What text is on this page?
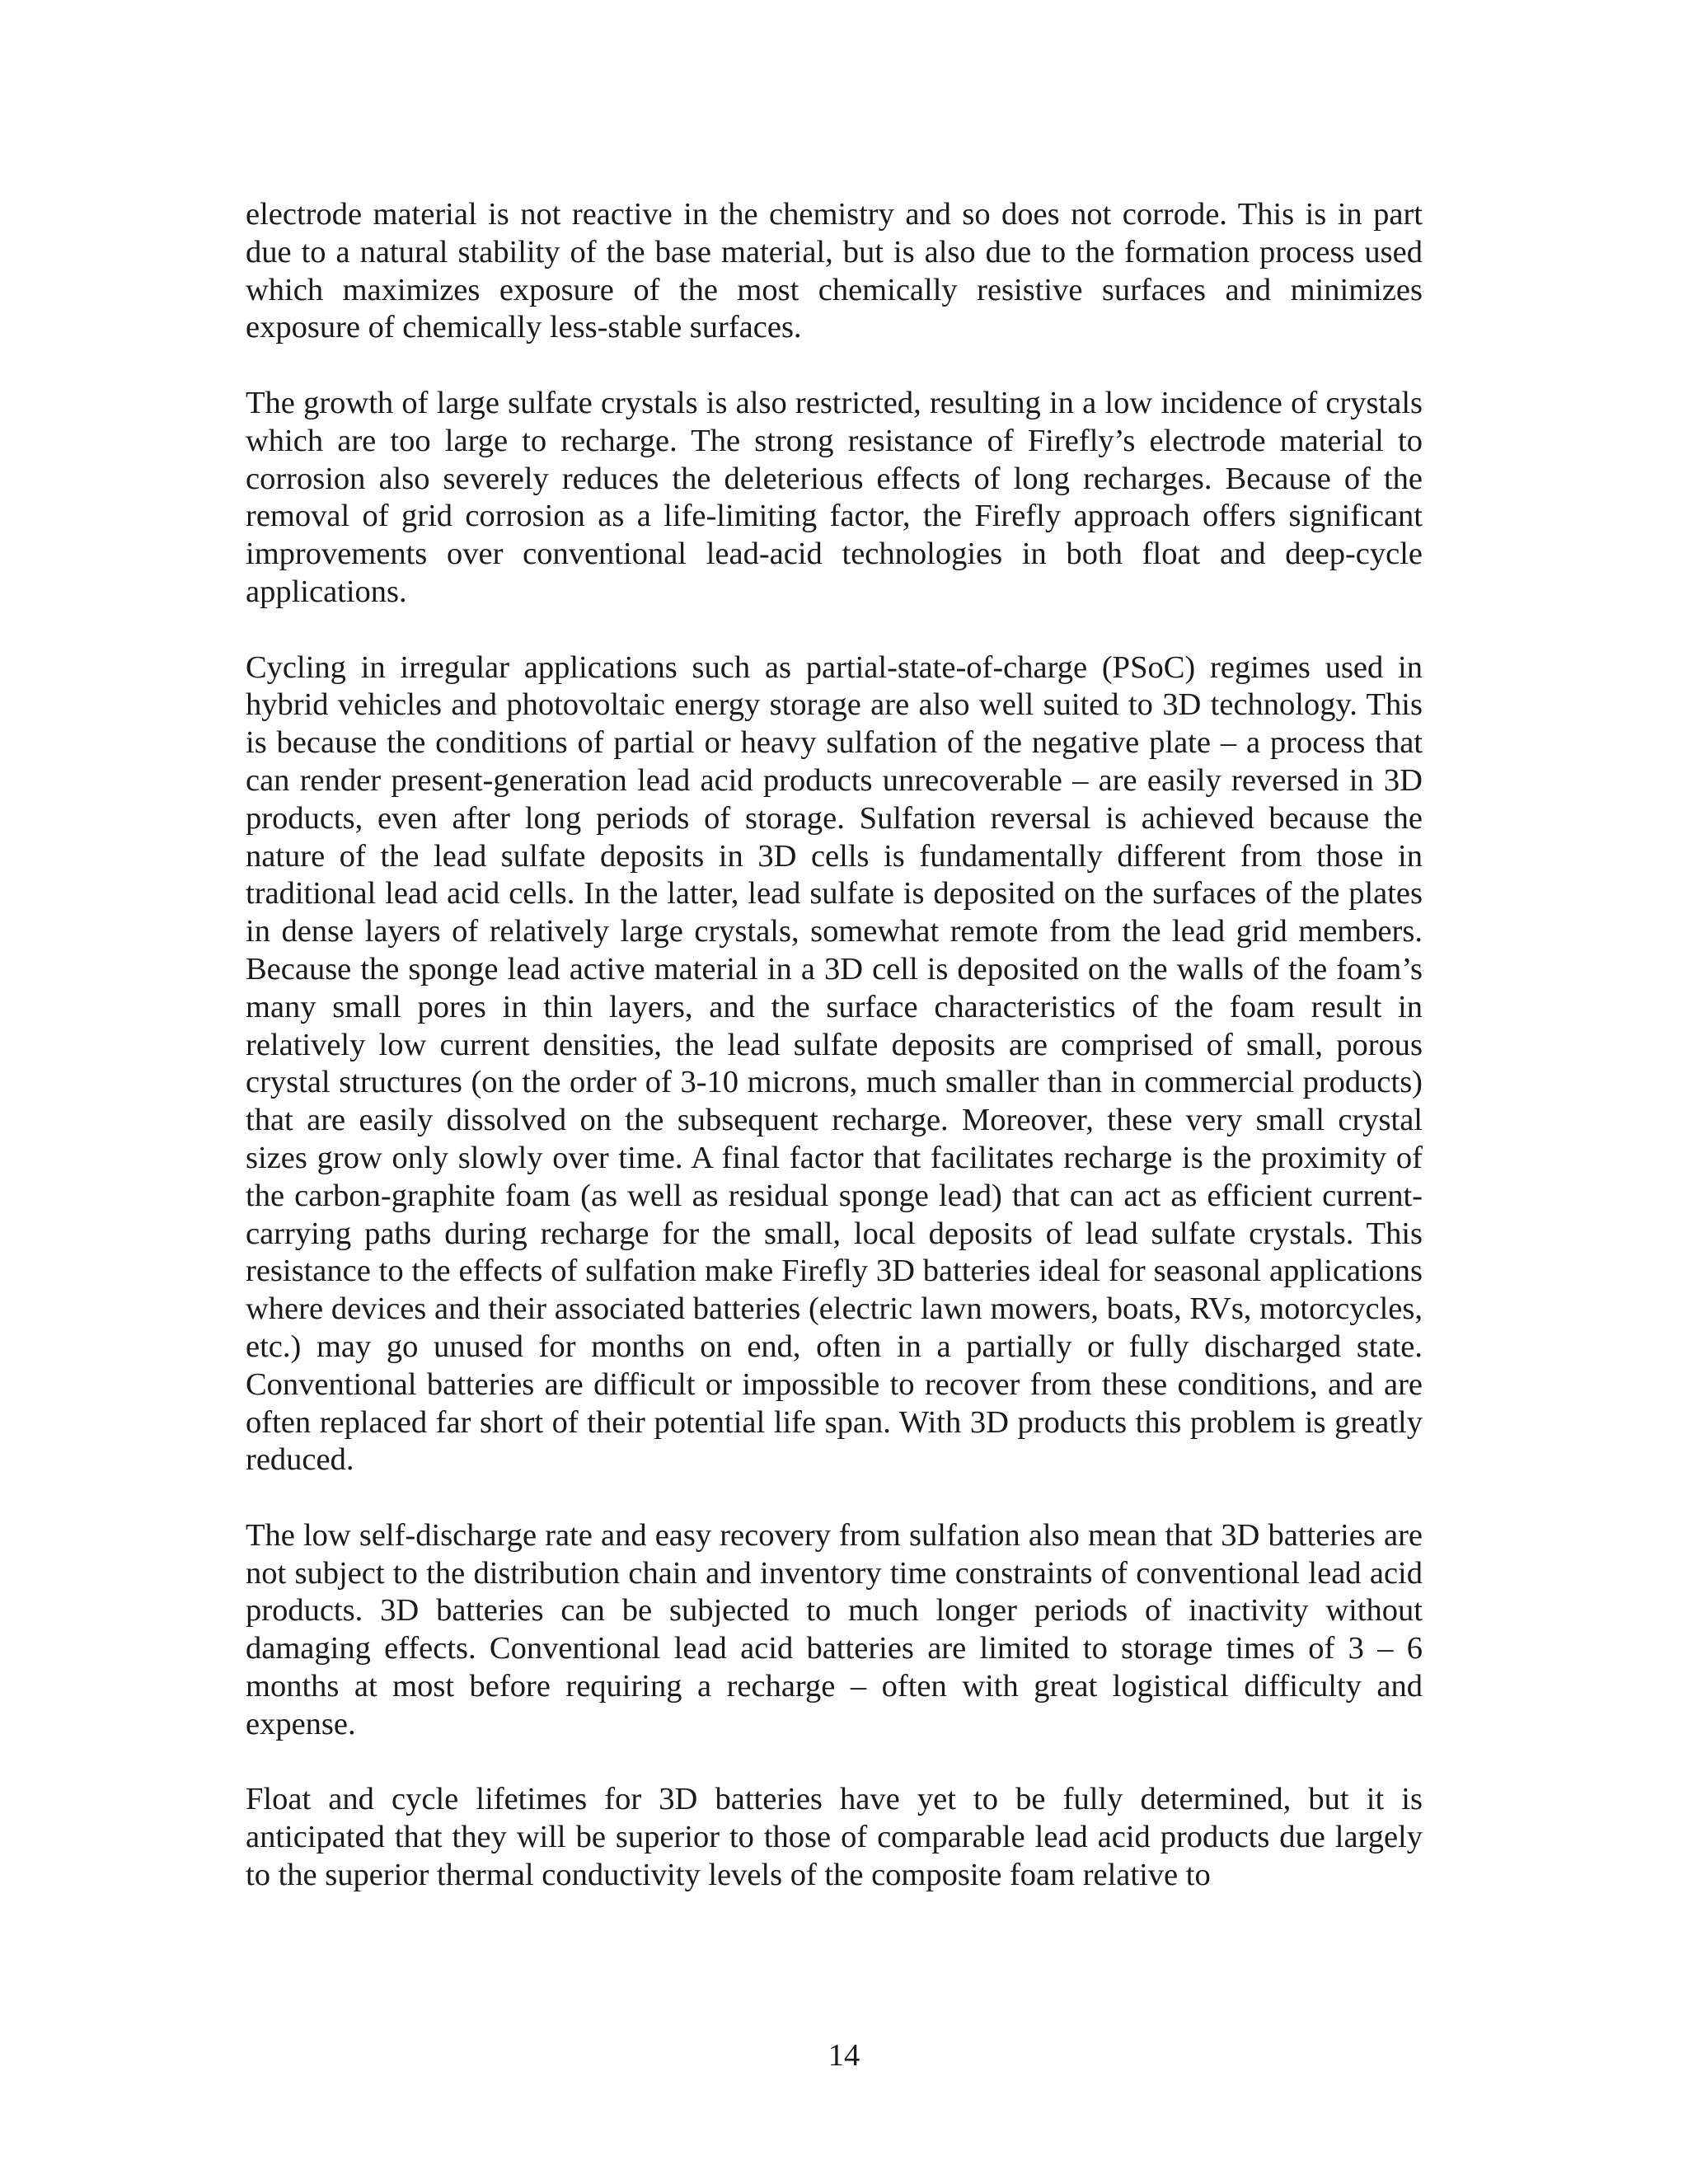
electrode material is not reactive in the chemistry and so does not corrode. This is in part due to a natural stability of the base material, but is also due to the formation process used which maximizes exposure of the most chemically resistive surfaces and minimizes exposure of chemically less-stable surfaces.

The growth of large sulfate crystals is also restricted, resulting in a low incidence of crystals which are too large to recharge. The strong resistance of Firefly’s electrode material to corrosion also severely reduces the deleterious effects of long recharges. Because of the removal of grid corrosion as a life-limiting factor, the Firefly approach offers significant improvements over conventional lead-acid technologies in both float and deep-cycle applications.

Cycling in irregular applications such as partial-state-of-charge (PSoC) regimes used in hybrid vehicles and photovoltaic energy storage are also well suited to 3D technology. This is because the conditions of partial or heavy sulfation of the negative plate – a process that can render present-generation lead acid products unrecoverable – are easily reversed in 3D products, even after long periods of storage. Sulfation reversal is achieved because the nature of the lead sulfate deposits in 3D cells is fundamentally different from those in traditional lead acid cells. In the latter, lead sulfate is deposited on the surfaces of the plates in dense layers of relatively large crystals, somewhat remote from the lead grid members. Because the sponge lead active material in a 3D cell is deposited on the walls of the foam’s many small pores in thin layers, and the surface characteristics of the foam result in relatively low current densities, the lead sulfate deposits are comprised of small, porous crystal structures (on the order of 3-10 microns, much smaller than in commercial products) that are easily dissolved on the subsequent recharge. Moreover, these very small crystal sizes grow only slowly over time. A final factor that facilitates recharge is the proximity of the carbon-graphite foam (as well as residual sponge lead) that can act as efficient current-carrying paths during recharge for the small, local deposits of lead sulfate crystals. This resistance to the effects of sulfation make Firefly 3D batteries ideal for seasonal applications where devices and their associated batteries (electric lawn mowers, boats, RVs, motorcycles, etc.) may go unused for months on end, often in a partially or fully discharged state. Conventional batteries are difficult or impossible to recover from these conditions, and are often replaced far short of their potential life span. With 3D products this problem is greatly reduced.

The low self-discharge rate and easy recovery from sulfation also mean that 3D batteries are not subject to the distribution chain and inventory time constraints of conventional lead acid products. 3D batteries can be subjected to much longer periods of inactivity without damaging effects. Conventional lead acid batteries are limited to storage times of 3 – 6 months at most before requiring a recharge – often with great logistical difficulty and expense.

Float and cycle lifetimes for 3D batteries have yet to be fully determined, but it is anticipated that they will be superior to those of comparable lead acid products due largely to the superior thermal conductivity levels of the composite foam relative to

14
